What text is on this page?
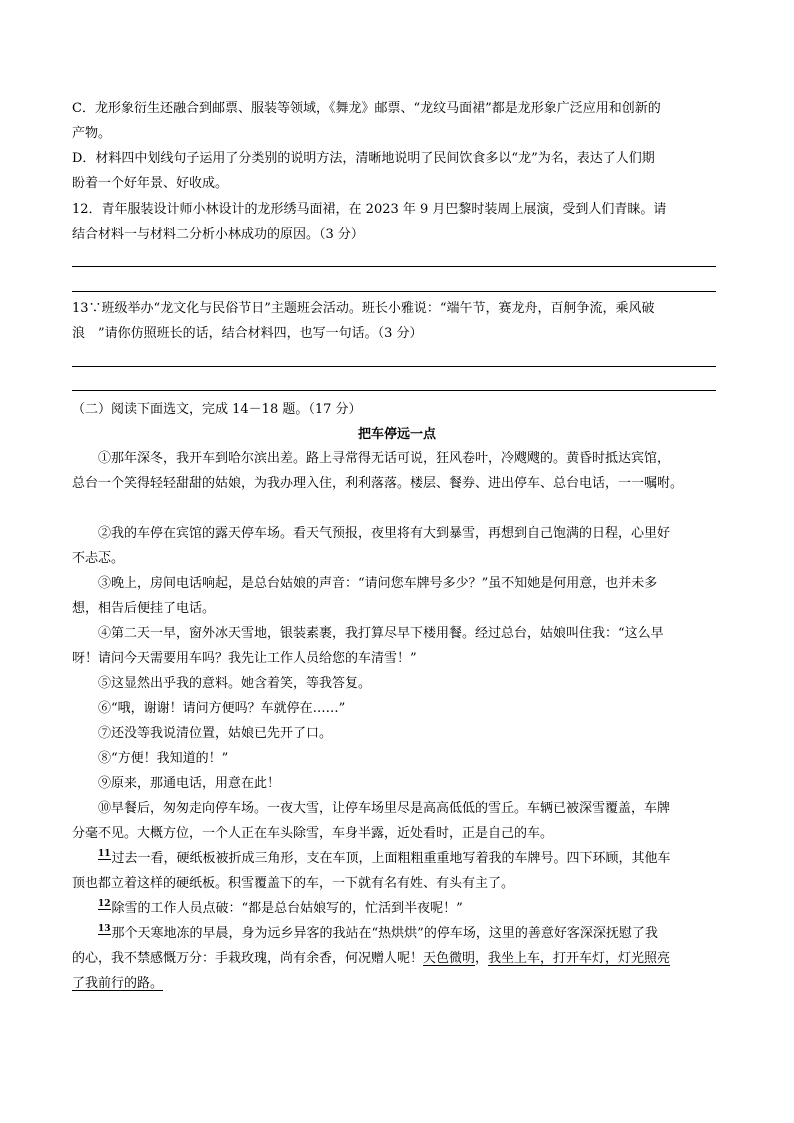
C．龙形象衍生还融合到邮票、服装等领域，《舞龙》邮票、“龙纹马面裙”都是龙形象广泛应用和创新的
产物。
D．材料四中划线句子运用了分类别的说明方法，清晰地说明了民间饮食多以“龙”为名，表达了人们期
盼着一个好年景、好收成。
12．青年服装设计师小林设计的龙形绣马面裙，在 2023 年 9 月巴黎时装周上展演，受到人们青睐。请
结合材料一与材料二分析小林成功的原因。（3 分）
13∵班级举办“龙文化与民俗节日”主题班会活动。班长小雅说：“端午节，赛龙舟，百舸争流，乘风破
浪　”请你仿照班长的话，结合材料四，也写一句话。（3 分）
（二）阅读下面选文，完成 14－18 题。（17 分）
把车停远一点
①那年深冬，我开车到哈尔滨出差。路上寻常得无话可说，狂风卷叶，冷飕飕的。黄昏时抵达宾馆，
总台一个笑得轻轻甜甜的姑娘，为我办理入住，利利落落。楼层、餐券、进出停车、总台电话，一一嘱咐。
②我的车停在宾馆的露天停车场。看天气预报，夜里将有大到暴雪，再想到自己饱满的日程，心里好
不忐忑。
③晚上，房间电话响起，是总台姑娘的声音：“请问您车牌号多少？”虽不知她是何用意，也并未多
想，相告后便挂了电话。
④第二天一早，窗外冰天雪地，银装素裹，我打算尽早下楼用餐。经过总台，姑娘叫住我：“这么早
呀！请问今天需要用车吗？我先让工作人员给您的车清雪！”
⑤这显然出乎我的意料。她含着笑，等我答复。
⑥“哦，谢谢！请问方便吗？车就停在……”
⑦还没等我说清位置，姑娘已先开了口。
⑧“方便！我知道的！”
⑨原来，那通电话，用意在此！
⑩早餐后，匆匆走向停车场。一夜大雪，让停车场里尽是高高低低的雪丘。车辆已被深雪覆盖，车牌
分毫不见。大概方位，一个人正在车头除雪，车身半露，近处看时，正是自己的车。
11过去一看，硬纸板被折成三角形，支在车顶，上面粗粗重重地写着我的车牌号。四下环顾，其他车
顶也都立着这样的硬纸板。积雪覆盖下的车，一下就有名有姓、有头有主了。
12除雪的工作人员点破：“都是总台姑娘写的，忙活到半夜呢！”
13那个天寒地冻的早晨，身为远乡异客的我站在“热烘烘”的停车场，这里的善意好客深深抚慰了我
的心，我不禁感慨万分：手栽玫瑰，尚有余香，何况赠人呢！天色微明，我坐上车，打开车灯，灯光照亮
了我前行的路。
